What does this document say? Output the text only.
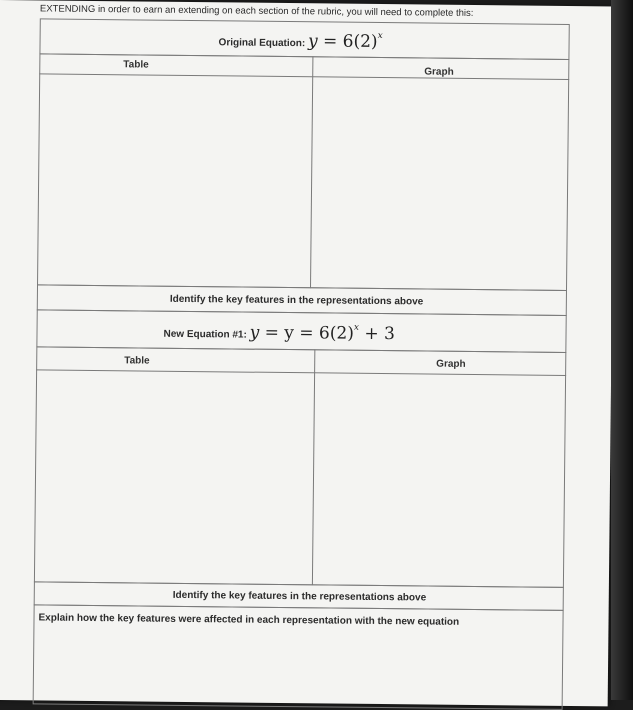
EXTENDING in order to earn an extending on each section of the rubric, you will need to complete this:
Original Equation: $y = 6(2)^x$
Table
Graph
Identify the key features in the representations above
New Equation #1: $y = y = 6(2)^x + 3$
Table	Graph
Identify the key features in the representations above
Explain how the key features were affected in each representation with the new equation
